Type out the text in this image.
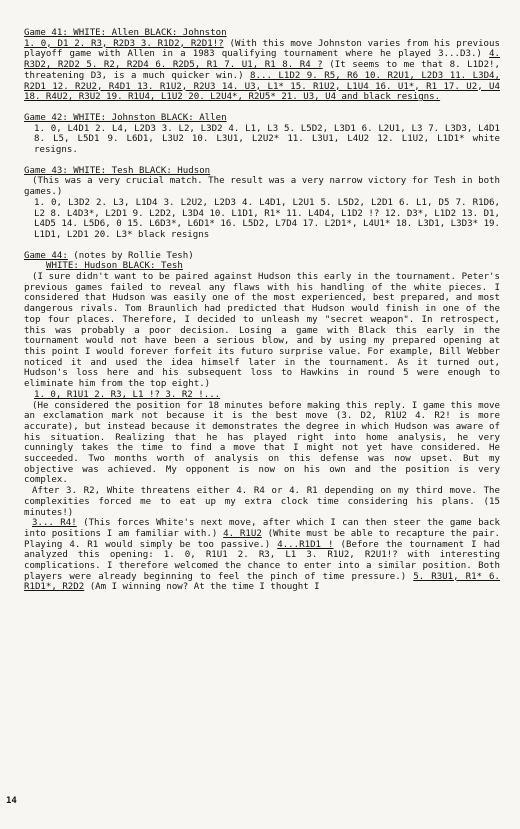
Game 41: WHITE: Allen BLACK: Johnston

1. 0, D1 2. R3, R2D3 3. R1D2, R2D1!? (With this move Johnston varies from his previous playoff game with Allen in a 1983 qualifying tournament where he played 3...D3.) 4. R3D2, R2D2 5. R2, R2D4 6. R2D5, R1 7. U1, R1 8. R4 ? (It seems to me that 8. L1D2!, threatening D3, is a much quicker win.) 8... L1D2 9. R5, R6 10. R2U1, L2D3 11. L3D4, R2D1 12. R2U2, R4D1 13. R1U2, R2U3 14. U3, L1* 15. R1U2, L1U4 16. U1*, R1 17. U2, U4 18. R4U2, R3U2 19. R1U4, L1U2 20. L2U4*, R2U5* 21. U3, U4 and black resigns.

Game 42: WHITE: Johnston BLACK: Allen

1. 0, L4D1 2. L4, L2D3 3. L2, L3D2 4. L1, L3 5. L5D2, L3D1 6. L2U1, L3 7. L3D3, L4D1 8. L5, L5D1 9. L6D1, L3U2 10. L3U1, L2U2* 11. L3U1, L4U2 12. L1U2, L1D1* white resigns.

Game 43: WHITE: Tesh BLACK: Hudson

(This was a very crucial match. The result was a very narrow victory for Tesh in both games.)

1. 0, L3D2 2. L3, L1D4 3. L2U2, L2D3 4. L4D1, L2U1 5. L5D2, L2D1 6. L1, D5 7. R1D6, L2 8. L4D3*, L2D1 9. L2D2, L3D4 10. L1D1, R1* 11. L4D4, L1D2 !? 12. D3*, L1D2 13. D1, L4D5 14. L5D6, 0 15. L6D3*, L6D1* 16. L5D2, L7D4 17. L2D1*, L4U1* 18. L3D1, L3D3* 19. L1D1, L2D1 20. L3* black resigns

Game 44: (notes by Rollie Tesh)
WHITE: Hudson BLACK: Tesh

(I sure didn't want to be paired against Hudson this early in the tournament. Peter's previous games failed to reveal any flaws with his handling of the white pieces. I considered that Hudson was easily one of the most experienced, best prepared, and most dangerous rivals. Tom Braunlich had predicted that Hudson would finish in one of the top four places. Therefore, I decided to unleash my "secret weapon". In retrospect, this was probably a poor decision. Losing a game with Black this early in the tournament would not have been a serious blow, and by using my prepared opening at this point I would forever forfeit its futuro surprise value. For example, Bill Webber noticed it and used the idea himself later in the tournament. As it turned out, Hudson's loss here and his subsequent loss to Hawkins in round 5 were enough to eliminate him from the top eight.)

1. 0, R1U1 2. R3, L1 !? 3. R2 !...

(He considered the position for 18 minutes before making this reply. I game this move an exclamation mark not because it is the best move (3. D2, R1U2 4. R2! is more accurate), but instead because it demonstrates the degree in which Hudson was aware of his situation. Realizing that he has played right into home analysis, he very cunningly takes the time to find a move that I might not yet have considered. He succeeded. Two months worth of analysis on this defense was now upset. But my objective was achieved. My opponent is now on his own and the position is very complex.

After 3. R2, White threatens either 4. R4 or 4. R1 depending on my third move. The complexities forced me to eat up my extra clock time considering his plans. (15 minutes!)

3... R4! (This forces White's next move, after which I can then steer the game back into positions I am familiar with.) 4. R1U2 (White must be able to recapture the pair. Playing 4. R1 would simply be too passive.) 4...R1D1 ! (Before the tournament I had analyzed this opening: 1. 0, R1U1 2. R3, L1 3. R1U2, R2U1!? with interesting complications. I therefore welcomed the chance to enter into a similar position. Both players were already beginning to feel the pinch of time pressure.) 5. R3U1, R1* 6. R1D1*, R2D2 (Am I winning now? At the time I thought I

14
